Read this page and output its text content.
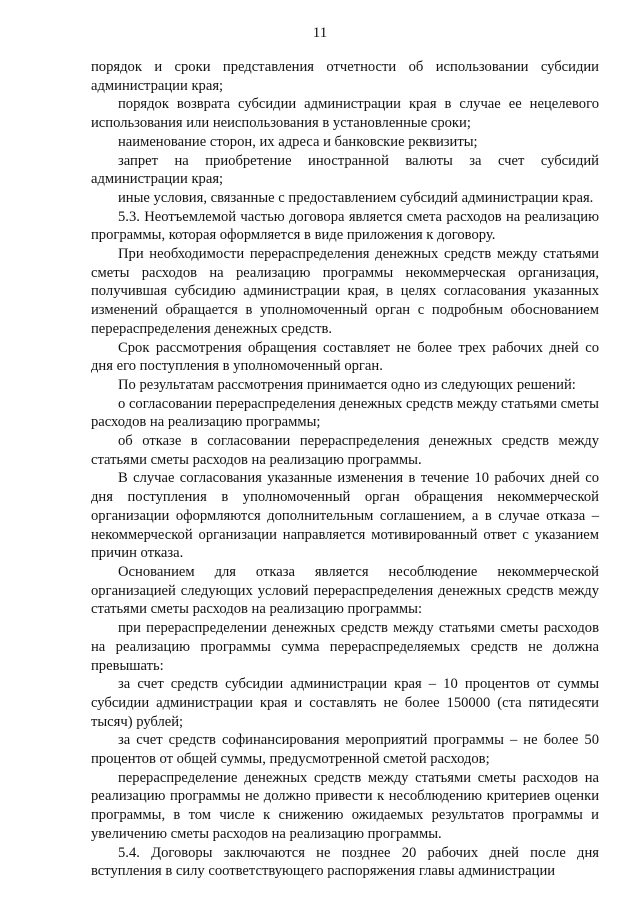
11

порядок и сроки представления отчетности об использовании субсидии администрации края;

порядок возврата субсидии администрации края в случае ее нецелевого использования или неиспользования в установленные сроки;

наименование сторон, их адреса и банковские реквизиты;

запрет на приобретение иностранной валюты за счет субсидий администрации края;

иные условия, связанные с предоставлением субсидий администрации края.

5.3. Неотъемлемой частью договора является смета расходов на реализацию программы, которая оформляется в виде приложения к договору.

При необходимости перераспределения денежных средств между статьями сметы расходов на реализацию программы некоммерческая организация, получившая субсидию администрации края, в целях согласования указанных изменений обращается в уполномоченный орган с подробным обоснованием перераспределения денежных средств.

Срок рассмотрения обращения составляет не более трех рабочих дней со дня его поступления в уполномоченный орган.

По результатам рассмотрения принимается одно из следующих решений:

о согласовании перераспределения денежных средств между статьями сметы расходов на реализацию программы;

об отказе в согласовании перераспределения денежных средств между статьями сметы расходов на реализацию программы.

В случае согласования указанные изменения в течение 10 рабочих дней со дня поступления в уполномоченный орган обращения некоммерческой организации оформляются дополнительным соглашением, а в случае отказа – некоммерческой организации направляется мотивированный ответ с указанием причин отказа.

Основанием для отказа является несоблюдение некоммерческой организацией следующих условий перераспределения денежных средств между статьями сметы расходов на реализацию программы:

при перераспределении денежных средств между статьями сметы расходов на реализацию программы сумма перераспределяемых средств не должна превышать:

за счет средств субсидии администрации края – 10 процентов от суммы субсидии администрации края и составлять не более 150000 (ста пятидесяти тысяч) рублей;

за счет средств софинансирования мероприятий программы – не более 50 процентов от общей суммы, предусмотренной сметой расходов;

перераспределение денежных средств между статьями сметы расходов на реализацию программы не должно привести к несоблюдению критериев оценки программы, в том числе к снижению ожидаемых результатов программы и увеличению сметы расходов на реализацию программы.

5.4. Договоры заключаются не позднее 20 рабочих дней после дня вступления в силу соответствующего распоряжения главы администрации
